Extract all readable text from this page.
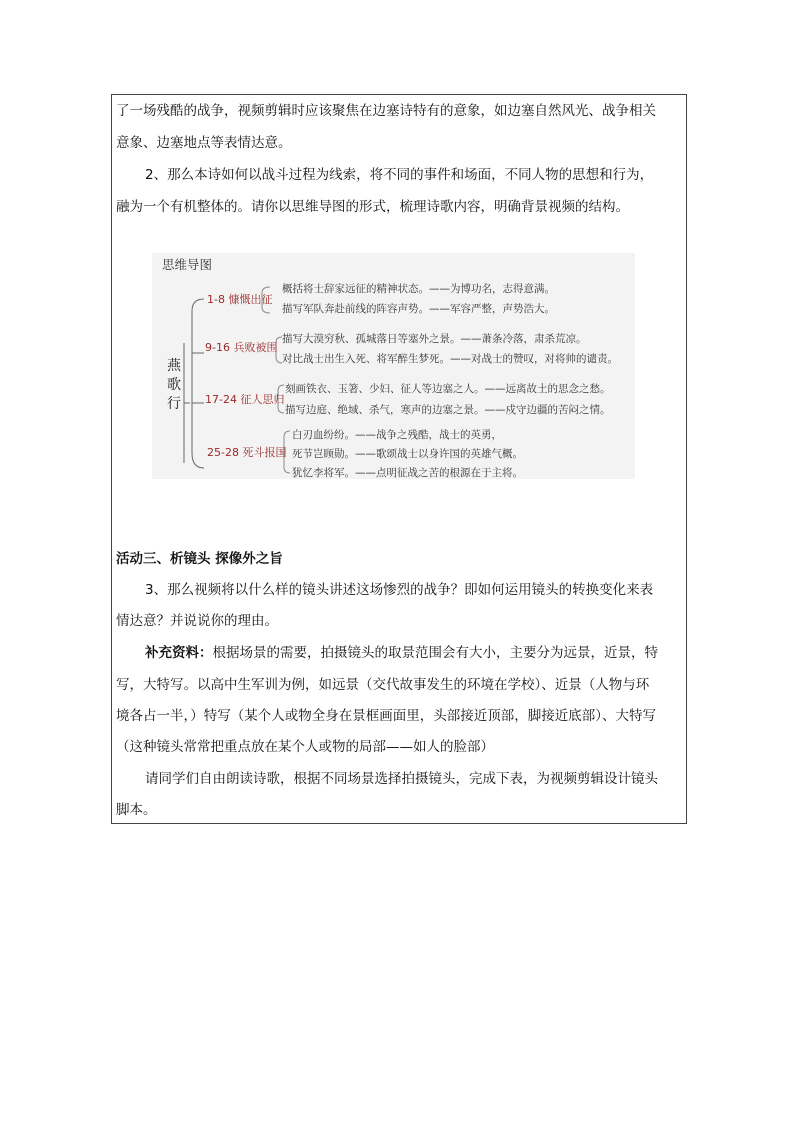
了一场残酷的战争，视频剪辑时应该聚焦在边塞诗特有的意象，如边塞自然风光、战争相关
意象、边塞地点等表情达意。
2、那么本诗如何以战斗过程为线索，将不同的事件和场面，不同人物的思想和行为，
融为一个有机整体的。请你以思维导图的形式，梳理诗歌内容，明确背景视频的结构。
思维导图
燕
歌
行
1-8 慷慨出征
概括将士辞家远征的精神状态。——为博功名，志得意满。
描写军队奔赴前线的阵容声势。——军容严整，声势浩大。
9-16 兵败被围
描写大漠穷秋、孤城落日等塞外之景。——萧条冷落，肃杀荒凉。
对比战士出生入死、将军醉生梦死。——对战士的赞叹，对将帅的谴责。
17-24 征人思归
刻画铁衣、玉箸、少妇、征人等边塞之人。——远离故土的思念之愁。
描写边庭、绝域、杀气，寒声的边塞之景。——戍守边疆的苦闷之情。
25-28 死斗报国
白刃血纷纷。——战争之残酷，战士的英勇，
死节岂顾勋。——歌颂战士以身许国的英雄气概。
犹忆李将军。——点明征战之苦的根源在于主将。
活动三、析镜头 探像外之旨
3、那么视频将以什么样的镜头讲述这场惨烈的战争？即如何运用镜头的转换变化来表
情达意？并说说你的理由。
补充资料：根据场景的需要，拍摄镜头的取景范围会有大小，主要分为远景，近景，特
写，大特写。以高中生军训为例，如远景（交代故事发生的环境在学校）、近景（人物与环
境各占一半，）特写（某个人或物全身在景框画面里，头部接近顶部，脚接近底部）、大特写
（这种镜头常常把重点放在某个人或物的局部——如人的脸部）
请同学们自由朗读诗歌，根据不同场景选择拍摄镜头，完成下表，为视频剪辑设计镜头
脚本。
